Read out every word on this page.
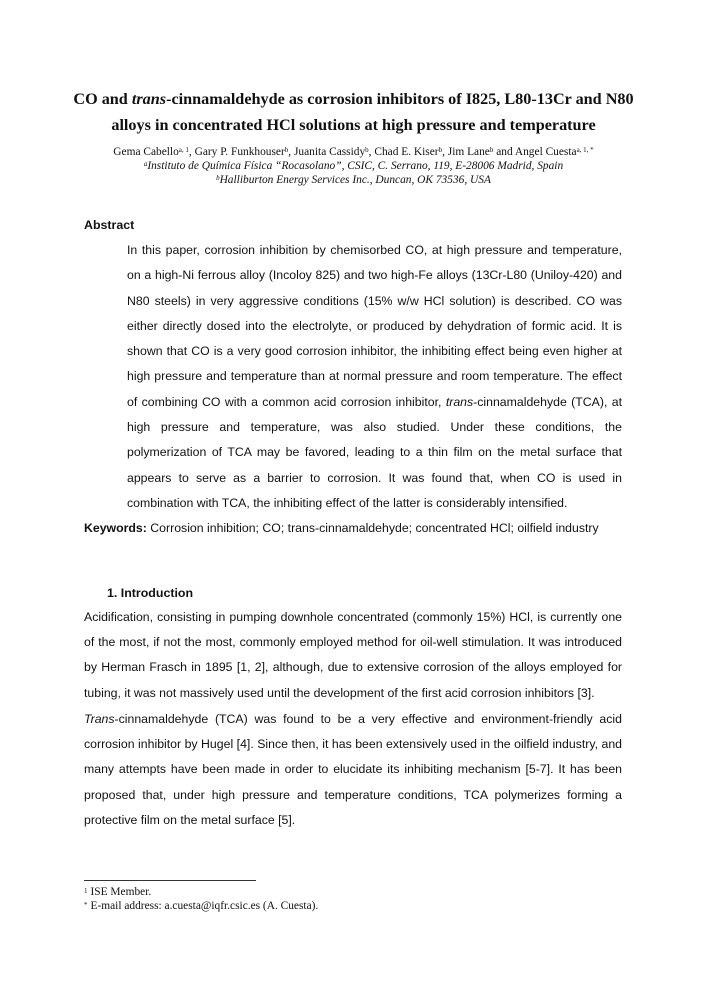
CO and trans-cinnamaldehyde as corrosion inhibitors of I825, L80-13Cr and N80
alloys in concentrated HCl solutions at high pressure and temperature
Gema Cabello$^{a, 1}$, Gary P. Funkhouser$^b$, Juanita Cassidy$^b$, Chad E. Kiser$^b$, Jim Lane$^b$ and Angel Cuesta$^{a, 1, *}$
$^a$Instituto de Química Física “Rocasolano”, CSIC, C. Serrano, 119, E-28006 Madrid, Spain
$^b$Halliburton Energy Services Inc., Duncan, OK 73536, USA
Abstract

In this paper, corrosion inhibition by chemisorbed CO, at high pressure and temperature, on a high-Ni ferrous alloy (Incoloy 825) and two high-Fe alloys (13Cr-L80 (Uniloy-420) and N80 steels) in very aggressive conditions (15% w/w HCl solution) is described. CO was either directly dosed into the electrolyte, or produced by dehydration of formic acid. It is shown that CO is a very good corrosion inhibitor, the inhibiting effect being even higher at high pressure and temperature than at normal pressure and room temperature. The effect of combining CO with a common acid corrosion inhibitor, trans-cinnamaldehyde (TCA), at high pressure and temperature, was also studied. Under these conditions, the polymerization of TCA may be favored, leading to a thin film on the metal surface that appears to serve as a barrier to corrosion. It was found that, when CO is used in combination with TCA, the inhibiting effect of the latter is considerably intensified.

Keywords: Corrosion inhibition; CO; trans-cinnamaldehyde; concentrated HCl; oilfield industry
1. Introduction

Acidification, consisting in pumping downhole concentrated (commonly 15%) HCl, is currently one of the most, if not the most, commonly employed method for oil-well stimulation. It was introduced by Herman Frasch in 1895 [1, 2], although, due to extensive corrosion of the alloys employed for tubing, it was not massively used until the development of the first acid corrosion inhibitors [3].

Trans-cinnamaldehyde (TCA) was found to be a very effective and environment-friendly acid corrosion inhibitor by Hugel [4]. Since then, it has been extensively used in the oilfield industry, and many attempts have been made in order to elucidate its inhibiting mechanism [5-7]. It has been proposed that, under high pressure and temperature conditions, TCA polymerizes forming a protective film on the metal surface [5].

$^1$ ISE Member.
* E-mail address: a.cuesta@iqfr.csic.es (A. Cuesta).
